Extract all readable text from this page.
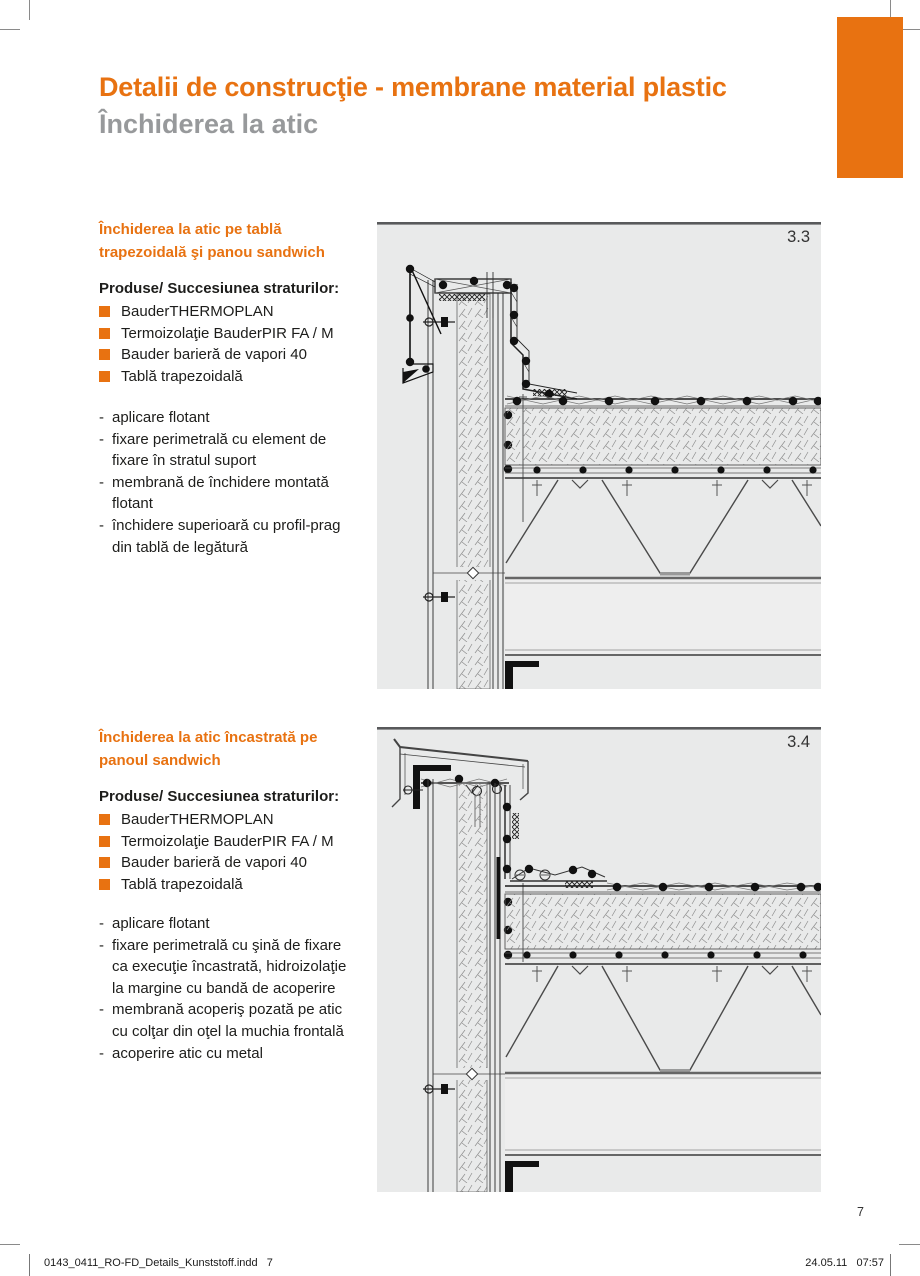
Detalii de construcţie - membrane material plastic
Închiderea la atic
Închiderea la atic pe tablă trapezoidală şi panou sandwich
Produse/ Succesiunea straturilor:
BauderTHERMOPLAN
Termoizolaţie BauderPIR FA / M
Bauder barieră de vapori 40
Tablă trapezoidală
- aplicare flotant
- fixare perimetrală cu element de
fixare în stratul suport
- membrană de închidere montată
flotant
- închidere superioară cu profil-prag
din tablă de legătură
3.3
Închiderea la atic încastrată pe panoul sandwich
Produse/ Succesiunea straturilor:
BauderTHERMOPLAN
Termoizolaţie BauderPIR FA / M
Bauder barieră de vapori 40
Tablă trapezoidală
- aplicare flotant
- fixare perimetrală cu şină de fixare
ca execuţie încastrată, hidroizolaţie
la margine cu bandă de acoperire
- membrană acoperiş pozată pe atic
cu colţar din oţel la muchia frontală
- acoperire atic cu metal
3.4
7
0143_0411_RO-FD_Details_Kunststoff.indd   7	24.05.11   07:57
